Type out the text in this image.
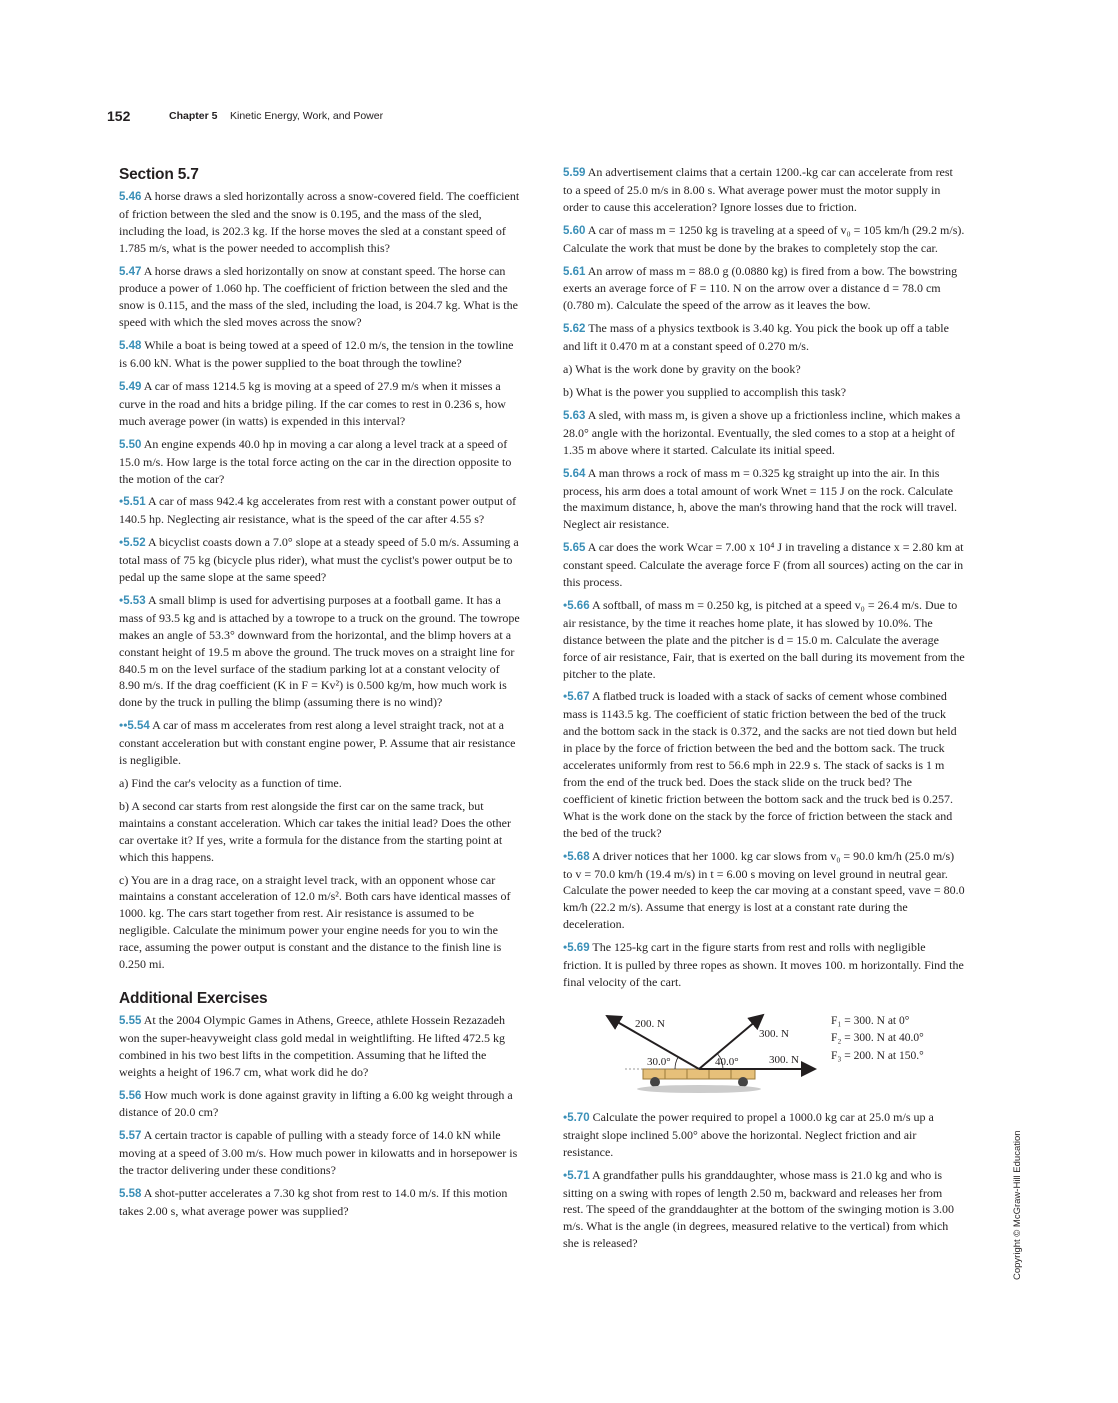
152	Chapter 5 Kinetic Energy, Work, and Power
Section 5.7

5.46 A horse draws a sled horizontally across a snow-covered field. The coefficient of friction between the sled and the snow is 0.195, and the mass of the sled, including the load, is 202.3 kg. If the horse moves the sled at a constant speed of 1.785 m/s, what is the power needed to accomplish this?

5.47 A horse draws a sled horizontally on snow at constant speed. The horse can produce a power of 1.060 hp. The coefficient of friction between the sled and the snow is 0.115, and the mass of the sled, including the load, is 204.7 kg. What is the speed with which the sled moves across the snow?

5.48 While a boat is being towed at a speed of 12.0 m/s, the tension in the towline is 6.00 kN. What is the power supplied to the boat through the towline?

5.49 A car of mass 1214.5 kg is moving at a speed of 27.9 m/s when it misses a curve in the road and hits a bridge piling. If the car comes to rest in 0.236 s, how much average power (in watts) is expended in this interval?

5.50 An engine expends 40.0 hp in moving a car along a level track at a speed of 15.0 m/s. How large is the total force acting on the car in the direction opposite to the motion of the car?

•5.51 A car of mass 942.4 kg accelerates from rest with a constant power output of 140.5 hp. Neglecting air resistance, what is the speed of the car after 4.55 s?

•5.52 A bicyclist coasts down a 7.0° slope at a steady speed of 5.0 m/s. Assuming a total mass of 75 kg (bicycle plus rider), what must the cyclist's power output be to pedal up the same slope at the same speed?

•5.53 A small blimp is used for advertising purposes at a football game. It has a mass of 93.5 kg and is attached by a towrope to a truck on the ground. The towrope makes an angle of 53.3° downward from the horizontal, and the blimp hovers at a constant height of 19.5 m above the ground. The truck moves on a straight line for 840.5 m on the level surface of the stadium parking lot at a constant velocity of 8.90 m/s. If the drag coefficient (K in F = Kv²) is 0.500 kg/m, how much work is done by the truck in pulling the blimp (assuming there is no wind)?

••5.54 A car of mass m accelerates from rest along a level straight track, not at a constant acceleration but with constant engine power, P. Assume that air resistance is negligible.

a) Find the car's velocity as a function of time.

b) A second car starts from rest alongside the first car on the same track, but maintains a constant acceleration. Which car takes the initial lead? Does the other car overtake it? If yes, write a formula for the distance from the starting point at which this happens.

c) You are in a drag race, on a straight level track, with an opponent whose car maintains a constant acceleration of 12.0 m/s². Both cars have identical masses of 1000. kg. The cars start together from rest. Air resistance is assumed to be negligible. Calculate the minimum power your engine needs for you to win the race, assuming the power output is constant and the distance to the finish line is 0.250 mi.

Additional Exercises

5.55 At the 2004 Olympic Games in Athens, Greece, athlete Hossein Rezazadeh won the super-heavyweight class gold medal in weightlifting. He lifted 472.5 kg combined in his two best lifts in the competition. Assuming that he lifted the weights a height of 196.7 cm, what work did he do?

5.56 How much work is done against gravity in lifting a 6.00 kg weight through a distance of 20.0 cm?

5.57 A certain tractor is capable of pulling with a steady force of 14.0 kN while moving at a speed of 3.00 m/s. How much power in kilowatts and in horsepower is the tractor delivering under these conditions?

5.58 A shot-putter accelerates a 7.30 kg shot from rest to 14.0 m/s. If this motion takes 2.00 s, what average power was supplied?

5.59 An advertisement claims that a certain 1200.-kg car can accelerate from rest to a speed of 25.0 m/s in 8.00 s. What average power must the motor supply in order to cause this acceleration? Ignore losses due to friction.

5.60 A car of mass m = 1250 kg is traveling at a speed of v₀ = 105 km/h (29.2 m/s). Calculate the work that must be done by the brakes to completely stop the car.

5.61 An arrow of mass m = 88.0 g (0.0880 kg) is fired from a bow. The bowstring exerts an average force of F = 110. N on the arrow over a distance d = 78.0 cm (0.780 m). Calculate the speed of the arrow as it leaves the bow.

5.62 The mass of a physics textbook is 3.40 kg. You pick the book up off a table and lift it 0.470 m at a constant speed of 0.270 m/s.

a) What is the work done by gravity on the book?

b) What is the power you supplied to accomplish this task?

5.63 A sled, with mass m, is given a shove up a frictionless incline, which makes a 28.0° angle with the horizontal. Eventually, the sled comes to a stop at a height of 1.35 m above where it started. Calculate its initial speed.

5.64 A man throws a rock of mass m = 0.325 kg straight up into the air. In this process, his arm does a total amount of work Wnet = 115 J on the rock. Calculate the maximum distance, h, above the man's throwing hand that the rock will travel. Neglect air resistance.

5.65 A car does the work Wcar = 7.00 x 10⁴ J in traveling a distance x = 2.80 km at constant speed. Calculate the average force F (from all sources) acting on the car in this process.

•5.66 A softball, of mass m = 0.250 kg, is pitched at a speed v₀ = 26.4 m/s. Due to air resistance, by the time it reaches home plate, it has slowed by 10.0%. The distance between the plate and the pitcher is d = 15.0 m. Calculate the average force of air resistance, Fair, that is exerted on the ball during its movement from the pitcher to the plate.

•5.67 A flatbed truck is loaded with a stack of sacks of cement whose combined mass is 1143.5 kg. The coefficient of static friction between the bed of the truck and the bottom sack in the stack is 0.372, and the sacks are not tied down but held in place by the force of friction between the bed and the bottom sack. The truck accelerates uniformly from rest to 56.6 mph in 22.9 s. The stack of sacks is 1 m from the end of the truck bed. Does the stack slide on the truck bed? The coefficient of kinetic friction between the bottom sack and the truck bed is 0.257. What is the work done on the stack by the force of friction between the stack and the bed of the truck?

•5.68 A driver notices that her 1000. kg car slows from v₀ = 90.0 km/h (25.0 m/s) to v = 70.0 km/h (19.4 m/s) in t = 6.00 s moving on level ground in neutral gear. Calculate the power needed to keep the car moving at a constant speed, vave = 80.0 km/h (22.2 m/s). Assume that energy is lost at a constant rate during the deceleration.

•5.69 The 125-kg cart in the figure starts from rest and rolls with negligible friction. It is pulled by three ropes as shown. It moves 100. m horizontally. Find the final velocity of the cart.

200. N
300. N
300. N
30.0°	40.0°
F₁ = 300. N at 0°
F₂ = 300. N at 40.0°
F₃ = 200. N at 150.°

•5.70 Calculate the power required to propel a 1000.0 kg car at 25.0 m/s up a straight slope inclined 5.00° above the horizontal. Neglect friction and air resistance.

•5.71 A grandfather pulls his granddaughter, whose mass is 21.0 kg and who is sitting on a swing with ropes of length 2.50 m, backward and releases her from rest. The speed of the granddaughter at the bottom of the swinging motion is 3.00 m/s. What is the angle (in degrees, measured relative to the vertical) from which she is released?	Copyright © McGraw-Hill Education
